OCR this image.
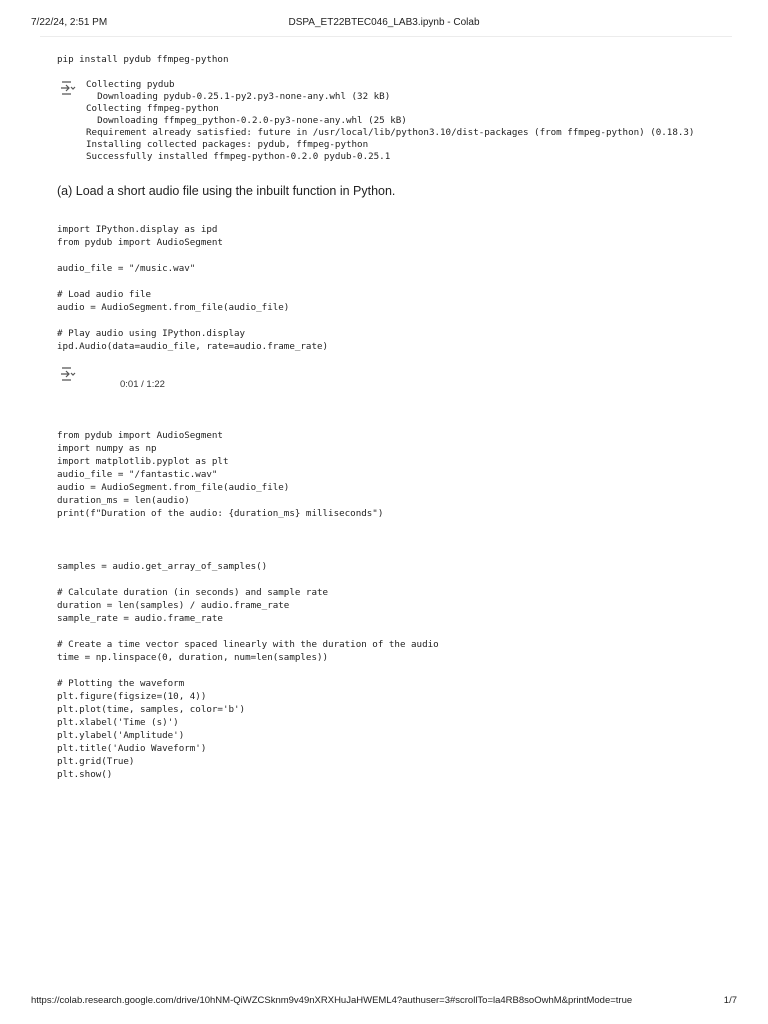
7/22/24, 2:51 PM	DSPA_ET22BTEC046_LAB3.ipynb - Colab
pip install pydub ffmpeg-python
Collecting pydub
Downloading pydub-0.25.1-py2.py3-none-any.whl (32 kB)
Collecting ffmpeg-python
Downloading ffmpeg_python-0.2.0-py3-none-any.whl (25 kB)
Requirement already satisfied: future in /usr/local/lib/python3.10/dist-packages (from ffmpeg-python) (0.18.3)
Installing collected packages: pydub, ffmpeg-python
Successfully installed ffmpeg-python-0.2.0 pydub-0.25.1
(a) Load a short audio file using the inbuilt function in Python.
import IPython.display as ipd
from pydub import AudioSegment

audio_file = "/music.wav"

# Load audio file
audio = AudioSegment.from_file(audio_file)

# Play audio using IPython.display
ipd.Audio(data=audio_file, rate=audio.frame_rate)
0:01 / 1:22
from pydub import AudioSegment
import numpy as np
import matplotlib.pyplot as plt
audio_file = "/fantastic.wav"
audio = AudioSegment.from_file(audio_file)
duration_ms = len(audio)
print(f"Duration of the audio: {duration_ms} milliseconds")
samples = audio.get_array_of_samples()

# Calculate duration (in seconds) and sample rate
duration = len(samples) / audio.frame_rate
sample_rate = audio.frame_rate

# Create a time vector spaced linearly with the duration of the audio
time = np.linspace(0, duration, num=len(samples))

# Plotting the waveform
plt.figure(figsize=(10, 4))
plt.plot(time, samples, color='b')
plt.xlabel('Time (s)')
plt.ylabel('Amplitude')
plt.title('Audio Waveform')
plt.grid(True)
plt.show()
https://colab.research.google.com/drive/10hNM-QiWZCSknm9v49nXRXHuJaHWEML4?authuser=3#scrollTo=la4RB8soOwhM&printMode=true	1/7
